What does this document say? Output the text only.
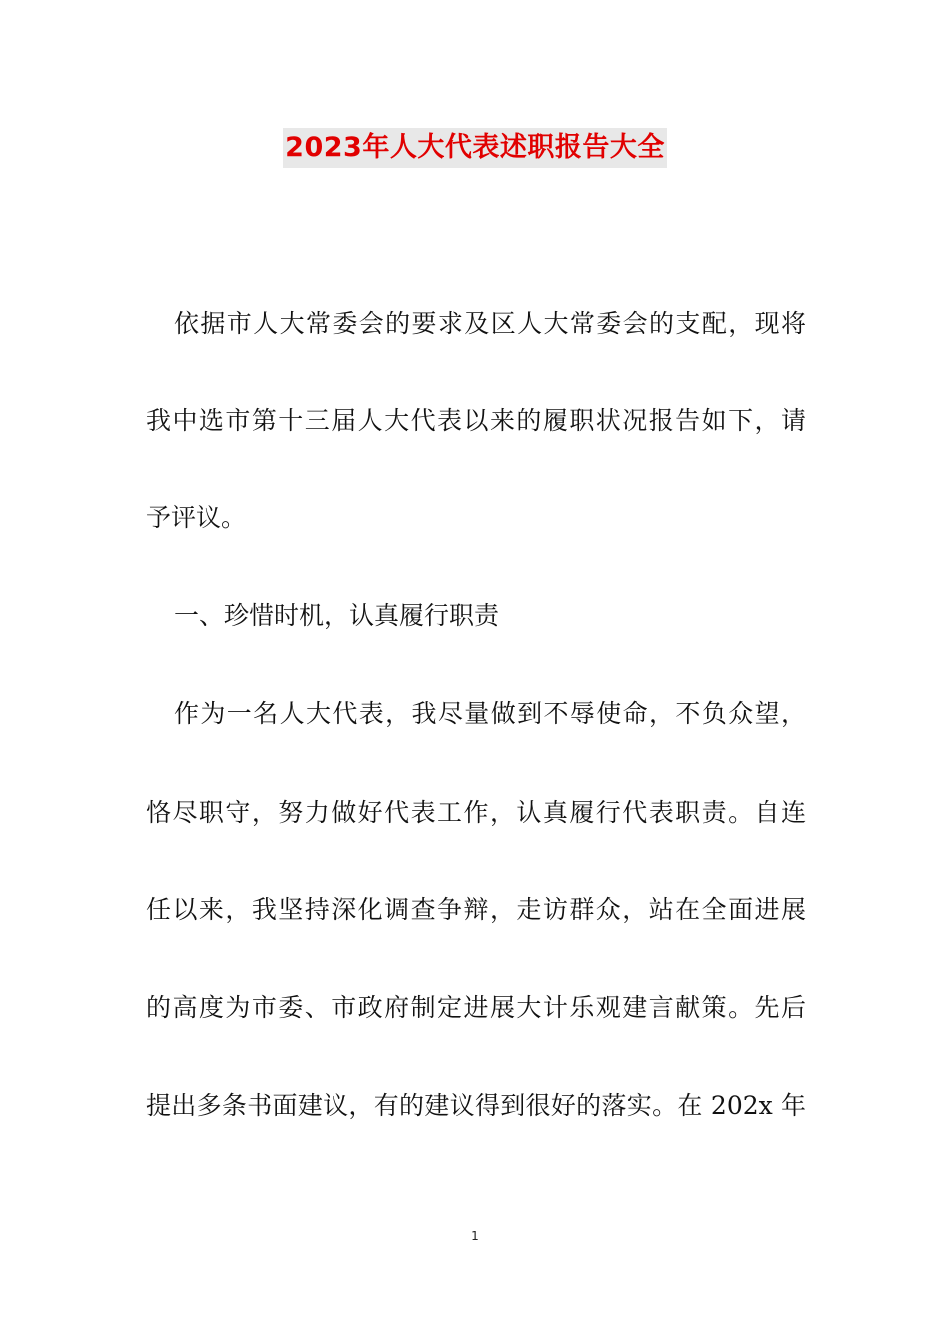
2023年人大代表述职报告大全
依据市人大常委会的要求及区人大常委会的支配，现将
我中选市第十三届人大代表以来的履职状况报告如下，请
予评议。
一、珍惜时机，认真履行职责
作为一名人大代表，我尽量做到不辱使命，不负众望，
恪尽职守，努力做好代表工作，认真履行代表职责。自连
任以来，我坚持深化调查争辩，走访群众，站在全面进展
的高度为市委、市政府制定进展大计乐观建言献策。先后
提出多条书面建议，有的建议得到很好的落实。在 202x 年
1
